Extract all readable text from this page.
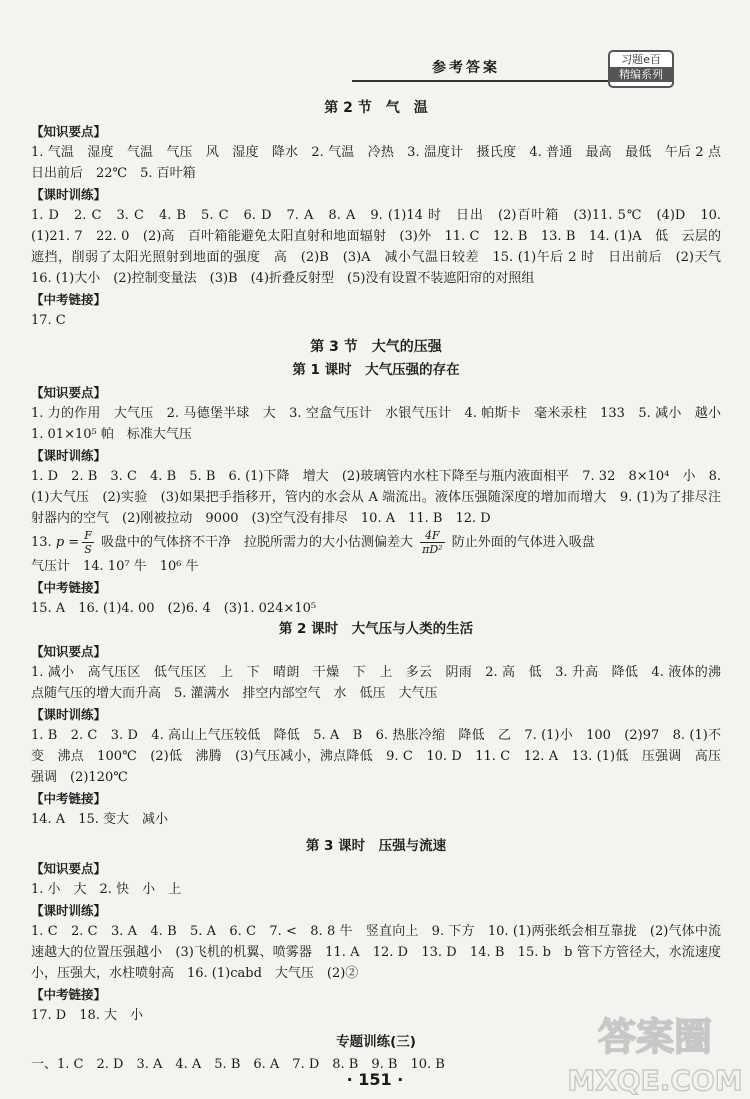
参考答案
习题e百
精编系列
第 2 节　气　温
【知识要点】

1. 气温　湿度　气温　气压　风　湿度　降水　2. 气温　冷热　3. 温度计　摄氏度　4. 普通　最高　最低　午后 2 点　日出前后　22℃　5. 百叶箱

【课时训练】

1. D　2. C　3. C　4. B　5. C　6. D　7. A　8. A　9. (1)14 时　日出　(2)百叶箱　(3)11. 5℃　(4)D　10. (1)21. 7　22. 0　(2)高　百叶箱能避免太阳直射和地面辐射　(3)外　11. C　12. B　13. B　14. (1)A　低　云层的遮挡，削弱了太阳光照射到地面的强度　高　(2)B　(3)A　减小气温日较差　15. (1)午后 2 时　日出前后　(2)天气　16. (1)大小　(2)控制变量法　(3)B　(4)折叠反射型　(5)没有设置不装遮阳帘的对照组

【中考链接】

17. C

第 3 节　大气的压强
第 1 课时　大气压强的存在
【知识要点】

1. 力的作用　大气压　2. 马德堡半球　大　3. 空盒气压计　水银气压计　4. 帕斯卡　毫米汞柱　133　5. 减小　越小　1. 01×10⁵ 帕　标准大气压

【课时训练】

1. D　2. B　3. C　4. B　5. B　6. (1)下降　增大　(2)玻璃管内水柱下降至与瓶内液面相平　7. 32　8×10⁴　小　8. (1)大气压　(2)实验　(3)如果把手指移开，管内的水会从 A 端流出。液体压强随深度的增加而增大　9. (1)为了排尽注射器内的空气　(2)刚被拉动　9000　(3)空气没有排尽　10. A　11. B　12. D

13. $p = \frac{F}{S}$ 吸盘中的气体挤不干净　拉脱所需力的大小估测偏差大 $\frac{4F}{\text{πD²}}$ 防止外面的气体进入吸盘

气压计　14. 10⁷ 牛　10⁶ 牛

【中考链接】

15. A　16. (1)4. 00　(2)6. 4　(3)1. 024×10⁵

第 2 课时　大气压与人类的生活
【知识要点】

1. 减小　高气压区　低气压区　上　下　晴朗　干燥　下　上　多云　阴雨　2. 高　低　3. 升高　降低　4. 液体的沸点随气压的增大而升高　5. 灌满水　排空内部空气　水　低压　大气压

【课时训练】

1. B　2. C　3. D　4. 高山上气压较低　降低　5. A　B　6. 热胀冷缩　降低　乙　7. (1)小　100　(2)97　8. (1)不变　沸点　100℃　(2)低　沸腾　(3)气压减小，沸点降低　9. C　10. D　11. C　12. A　13. (1)低　压强调　高压强调　(2)120℃

【中考链接】

14. A　15. 变大　减小

第 3 课时　压强与流速
【知识要点】

1. 小　大　2. 快　小　上

【课时训练】

1. C　2. C　3. A　4. B　5. A　6. C　7. <　8. 8 牛　竖直向上　9. 下方　10. (1)两张纸会相互靠拢　(2)气体中流速越大的位置压强越小　(3)飞机的机翼、喷雾器　11. A　12. D　13. D　14. B　15. b　b 管下方管径大，水流速度小，压强大，水柱喷射高　16. (1)cabd　大气压　(2)②

【中考链接】

17. D　18. 大　小

专题训练(三)

一、1. C　2. D　3. A　4. A　5. B　6. A　7. D　8. B　9. B　10. B

· 151 ·
答案圈
MXQE.COM
